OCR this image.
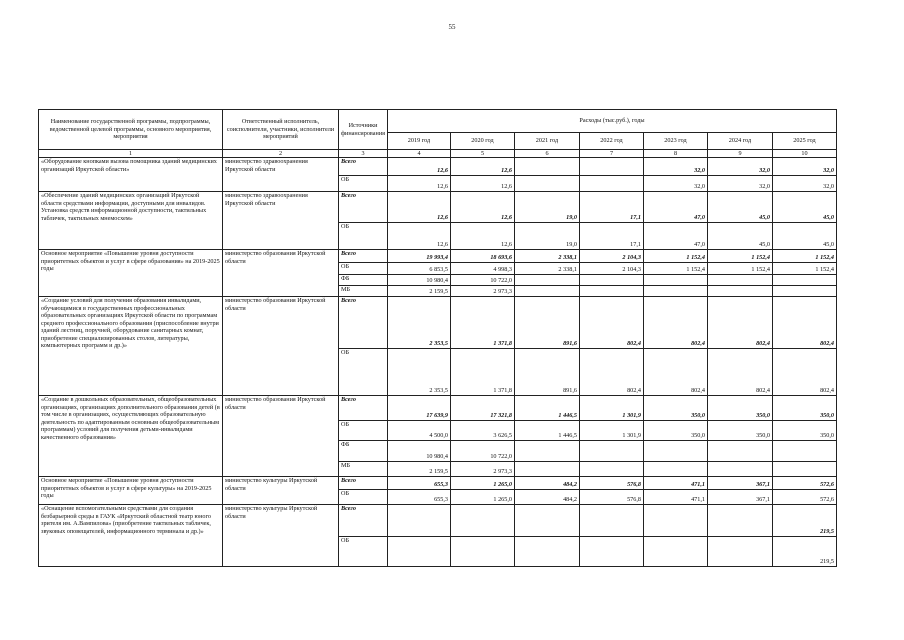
55
Наименование государственной программы, подпрограммы, ведомственной целевой программы, основного мероприятия, мероприятия	Ответственный исполнитель, соисполнители, участники, исполнители мероприятий	Источники финансирования	Расходы (тыс.руб.), годы						
			2019 год	2020 год	2021 год	2022 год	2023 год	2024 год	2025 год
1	2	3	4	5	6	7	8	9	10
«Оборудование кнопками вызова помощника зданий медицинских организаций Иркутской области»	министерство здравоохранения Иркутской области	Всего	12,6	12,6			32,0	32,0	32,0
		ОБ	12,6	12,6			32,0	32,0	32,0
«Обеспечение зданий медицинских организаций Иркутской области средствами информации, доступными для инвалидов. Установка средств информационной доступности, тактильных табличек, тактильных мнемосхем»	министерство здравоохранения Иркутской области	Всего	12,6	12,6	19,0	17,1	47,0	45,0	45,0
		ОБ	12,6	12,6	19,0	17,1	47,0	45,0	45,0
Основное мероприятие «Повышение уровня доступности приоритетных объектов и услуг в сфере образования» на 2019-2025 годы	министерство образования Иркутской области	Всего	19 993,4	18 693,6	2 338,1	2 104,3	1 152,4	1 152,4	1 152,4
		ОБ	6 853,5	4 998,3	2 338,1	2 104,3	1 152,4	1 152,4	1 152,4
		ФБ	10 980,4	10 722,0					
		МБ	2 159,5	2 973,3					
«Создание условий для получения образования инвалидами, обучающимися в государственных профессиональных образовательных организациях Иркутской области по программам среднего профессионального образования (приспособление внутри зданий лестниц, поручней, оборудование санитарных комнат, приобретение специализированных столов, литературы, компьютерных программ и др.)»	министерство образования Иркутской области	Всего	2 353,5	1 371,8	891,6	802,4	802,4	802,4	802,4
		ОБ	2 353,5	1 371,8	891,6	802,4	802,4	802,4	802,4
«Создание в дошкольных образовательных, общеобразовательных организациях, организациях дополнительного образования детей (в том числе в организациях, осуществляющих образовательную деятельность по адаптированным основным общеобразовательным программам) условий для получения детьми-инвалидами качественного образования»	министерство образования Иркутской области	Всего	17 639,9	17 321,8	1 446,5	1 301,9	350,0	350,0	350,0
		ОБ	4 500,0	3 626,5	1 446,5	1 301,9	350,0	350,0	350,0
		ФБ	10 980,4	10 722,0					
		МБ	2 159,5	2 973,3					
Основное мероприятие «Повышение уровня доступности приоритетных объектов и услуг в сфере культуры» на 2019-2025 годы	министерство культуры Иркутской области	Всего	655,3	1 265,0	484,2	576,8	471,1	367,1	572,6
		ОБ	655,3	1 265,0	484,2	576,8	471,1	367,1	572,6
«Оснащение вспомогательными средствами для создания безбарьерной среды в ГАУК «Иркутский областной театр юного зрителя им. А.Вампилова» (приобретение тактильных табличек, звуковых оповещателей, информационного терминала и др.)»	министерство культуры Иркутской области	Всего							219,5
		ОБ							219,5
